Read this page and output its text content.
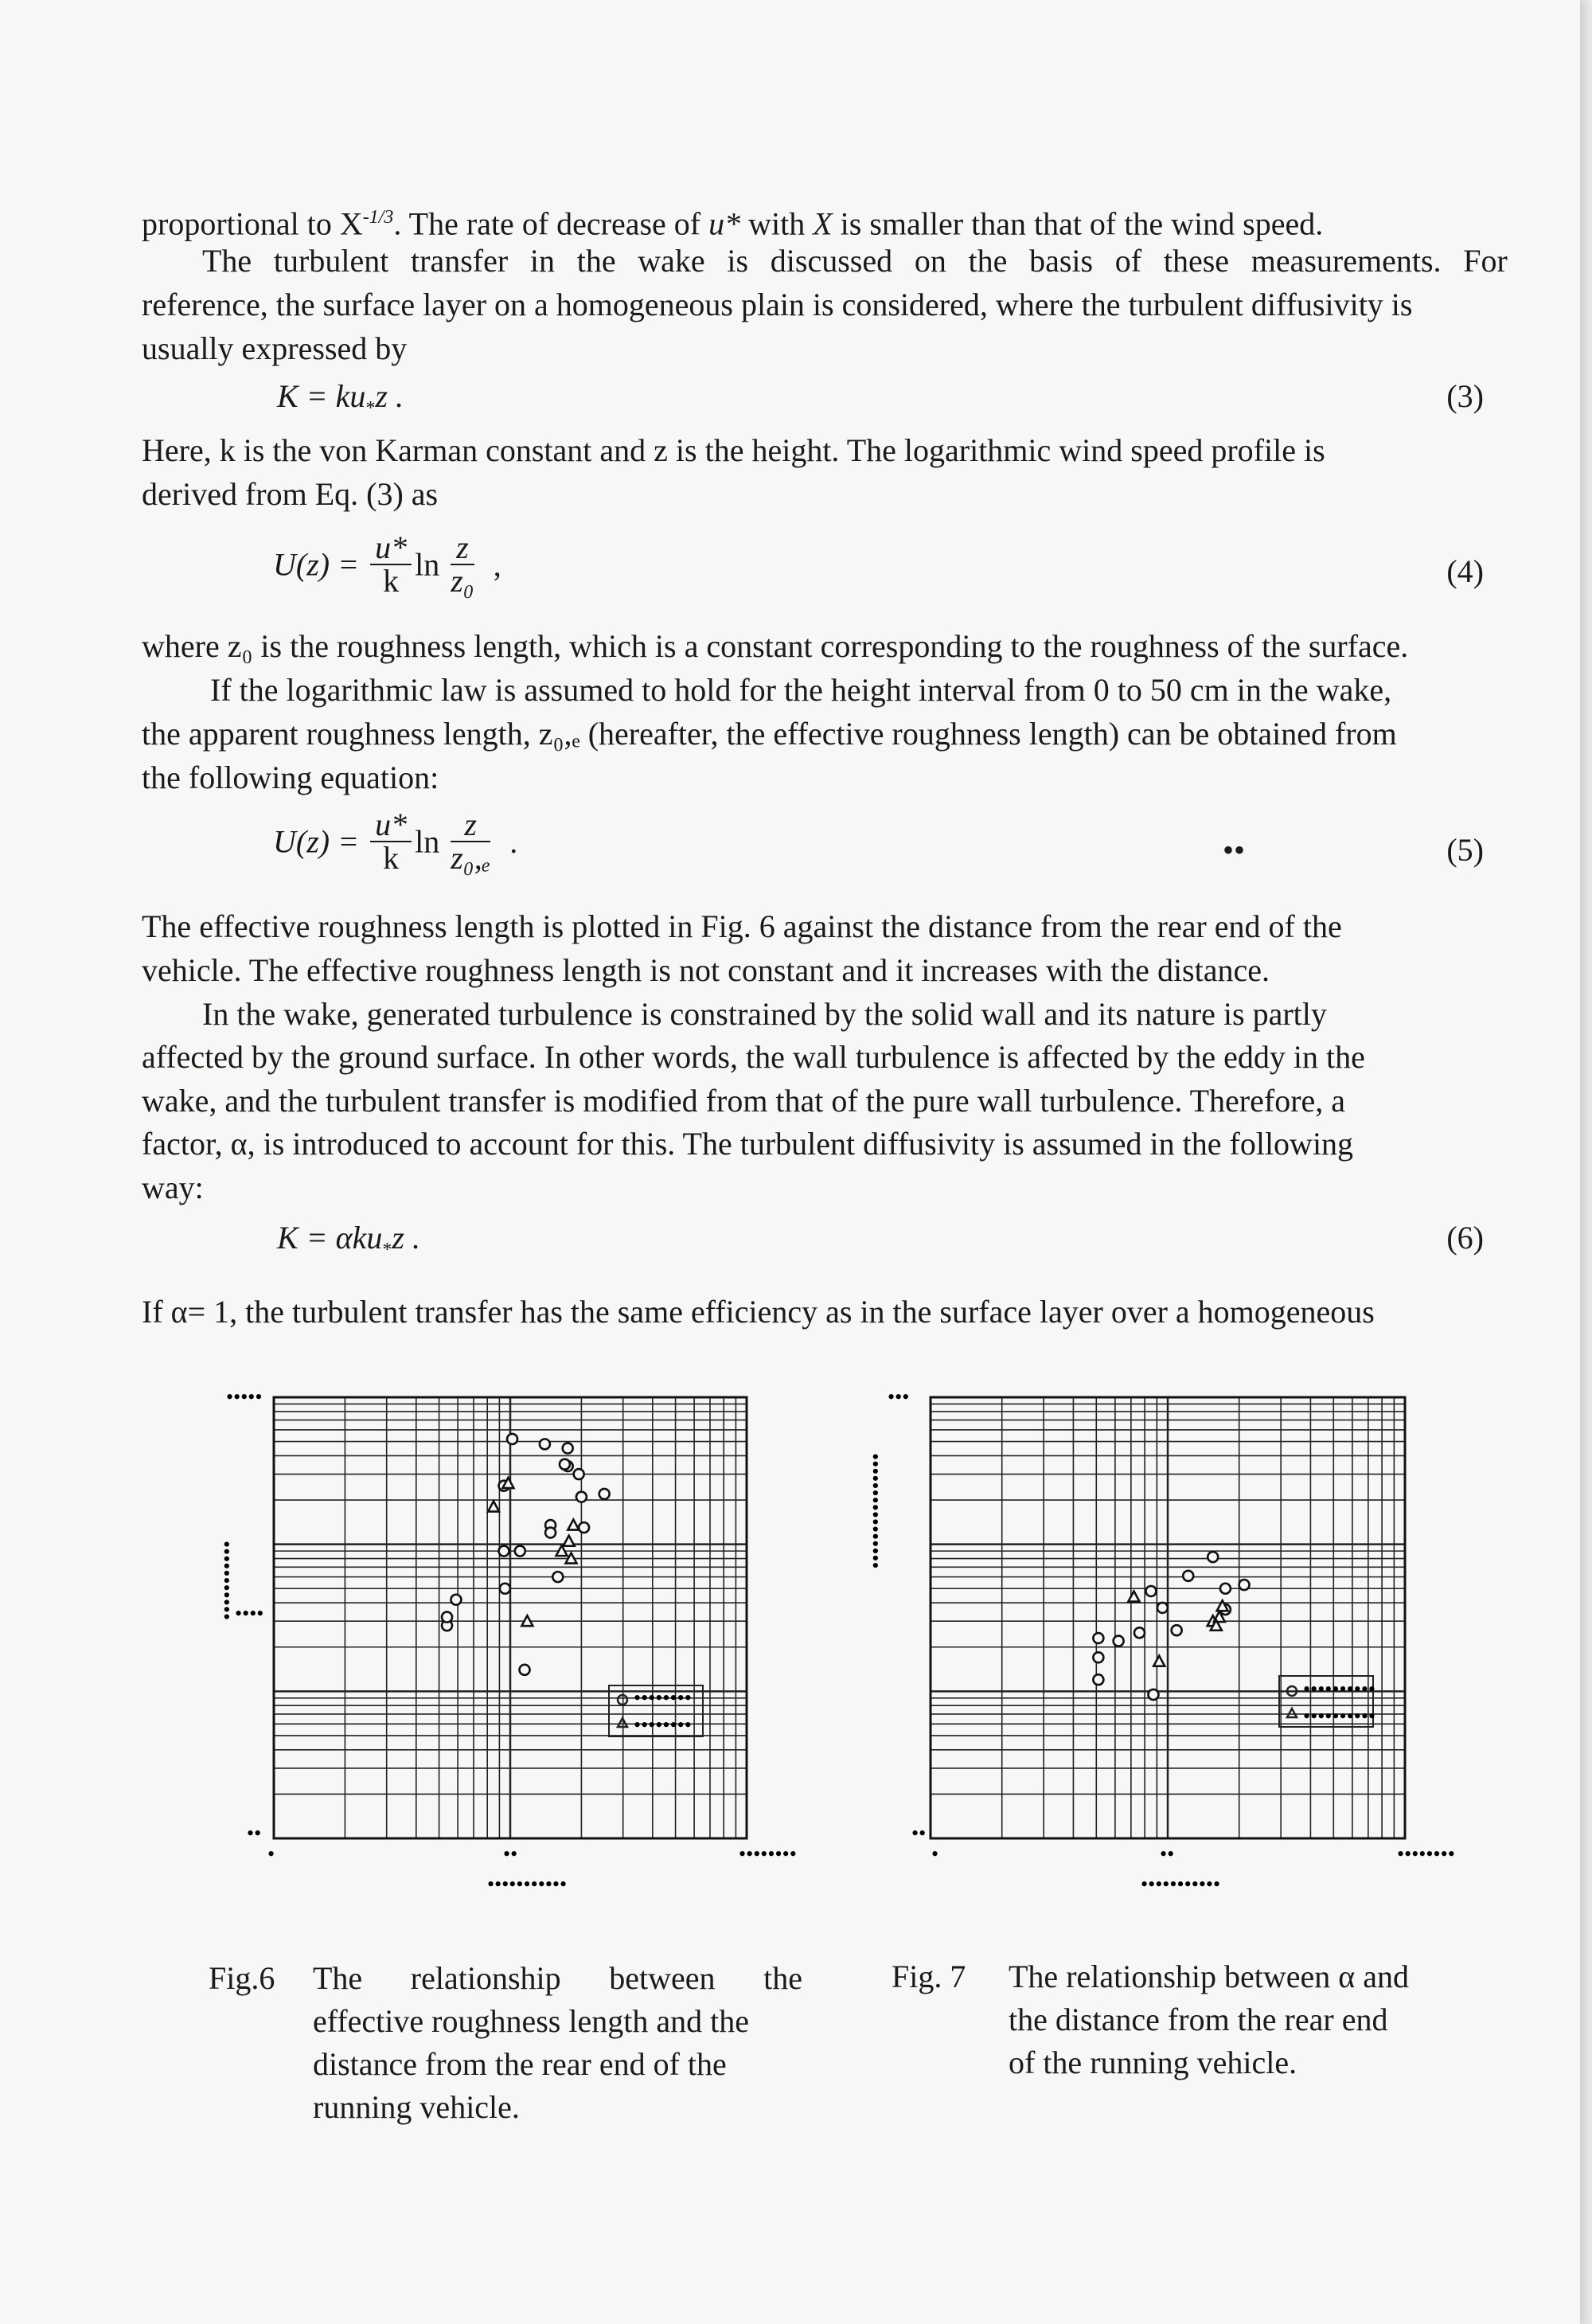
proportional to $X^{-1/3}$. The rate of decrease of u* with X is smaller than that of the wind speed.
The turbulent transfer in the wake is discussed on the basis of these measurements. For
reference, the surface layer on a homogeneous plain is considered, where the turbulent diffusivity is
usually expressed by
$K = ku_*z$ .	(3)
Here, k is the von Karman constant and z is the height. The logarithmic wind speed profile is
derived from Eq. (3) as
$U(z) = \frac{u*}{k}$ $\ln \frac{z}{\text{z₀}}$ ,	(4)
where z₀ is the roughness length, which is a constant corresponding to the roughness of the surface.
If the logarithmic law is assumed to hold for the height interval from 0 to 50 cm in the wake,
the apparent roughness length, z₀,ₑ (hereafter, the effective roughness length) can be obtained from
the following equation:
$U(z) = \frac{u*}{k}$ $\ln \frac{z}{\text{z₀,ₑ}}$ .	••	(5)
The effective roughness length is plotted in Fig. 6 against the distance from the rear end of the
vehicle. The effective roughness length is not constant and it increases with the distance.
In the wake, generated turbulence is constrained by the solid wall and its nature is partly
affected by the ground surface. In other words, the wall turbulence is affected by the eddy in the
wake, and the turbulent transfer is modified from that of the pure wall turbulence. Therefore, a
factor, α, is introduced to account for this. The turbulent diffusivity is assumed in the following
way:
K = αku$_*$z .	(6)
If α= 1, the turbulent transfer has the same efficiency as in the surface layer over a homogeneous
••••••••
••••••••
•••••
••••
••
•	••	••••••••
•••••••••••
•••••••••••
••••••••••
••••••••••
•••
••
•	••	••••••••
•••••••••••
••••••••••••••••
Fig.6 The relationship between the
effective roughness length and the
distance from the rear end of the
running vehicle.
Fig. 7 The relationship between α and
the distance from the rear end
of the running vehicle.
